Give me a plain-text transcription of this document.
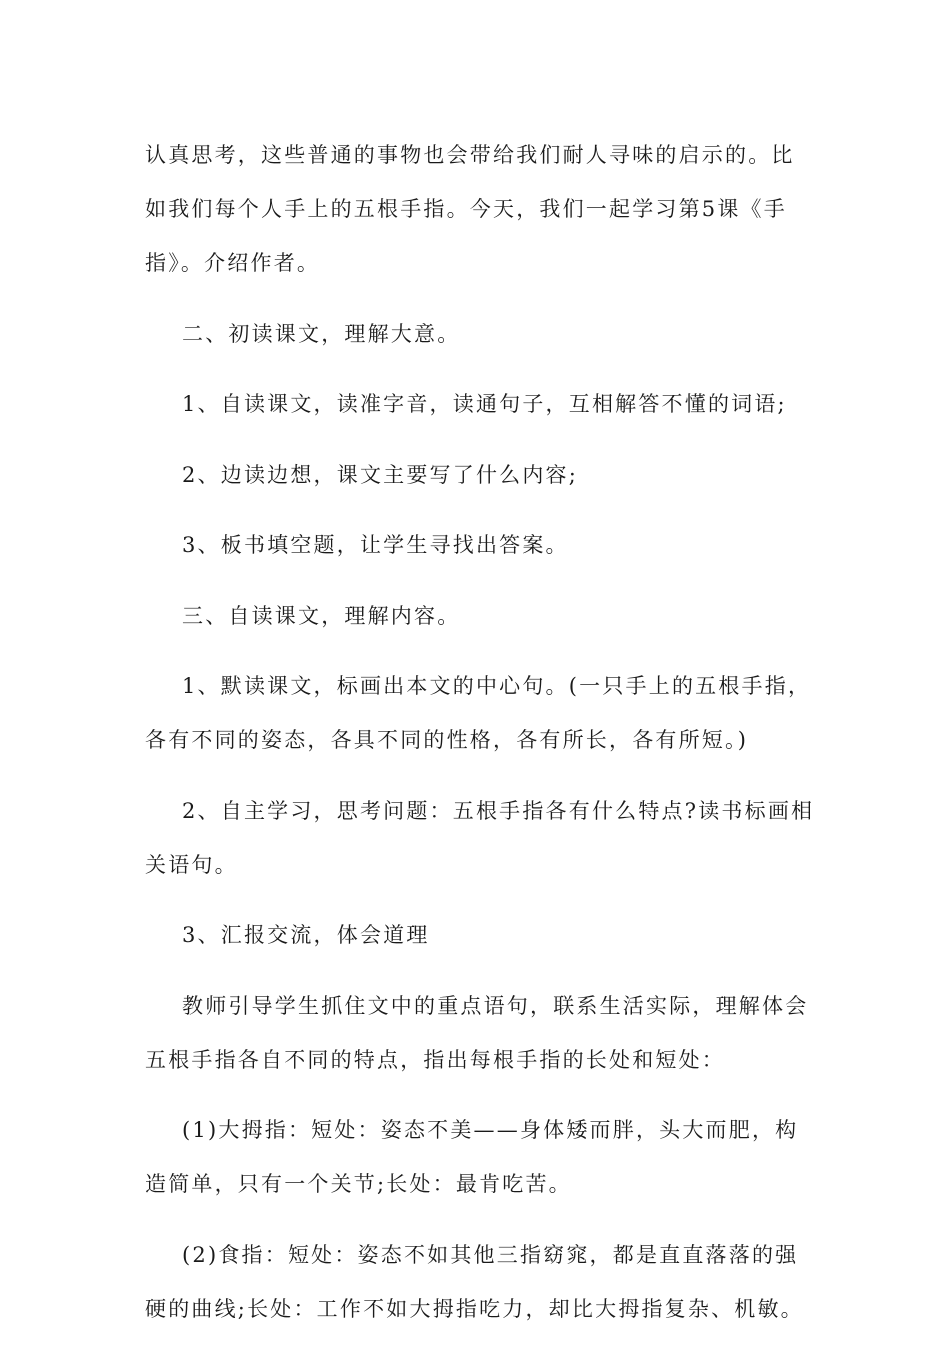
认真思考，这些普通的事物也会带给我们耐人寻味的启示的。比如我们每个人手上的五根手指。今天，我们一起学习第5课《手指》。介绍作者。

二、初读课文，理解大意。

1、自读课文，读准字音，读通句子，互相解答不懂的词语;

2、边读边想，课文主要写了什么内容;

3、板书填空题，让学生寻找出答案。

三、自读课文，理解内容。

1、默读课文，标画出本文的中心句。(一只手上的五根手指，各有不同的姿态，各具不同的性格，各有所长，各有所短。)

2、自主学习，思考问题：五根手指各有什么特点?读书标画相关语句。

3、汇报交流，体会道理

教师引导学生抓住文中的重点语句，联系生活实际，理解体会五根手指各自不同的特点，指出每根手指的长处和短处：

(1)大拇指：短处：姿态不美——身体矮而胖，头大而肥，构造简单，只有一个关节;长处：最肯吃苦。

(2)食指：短处：姿态不如其他三指窈窕，都是直直落落的强硬的曲线;长处：工作不如大拇指吃力，却比大拇指复杂、机敏。
